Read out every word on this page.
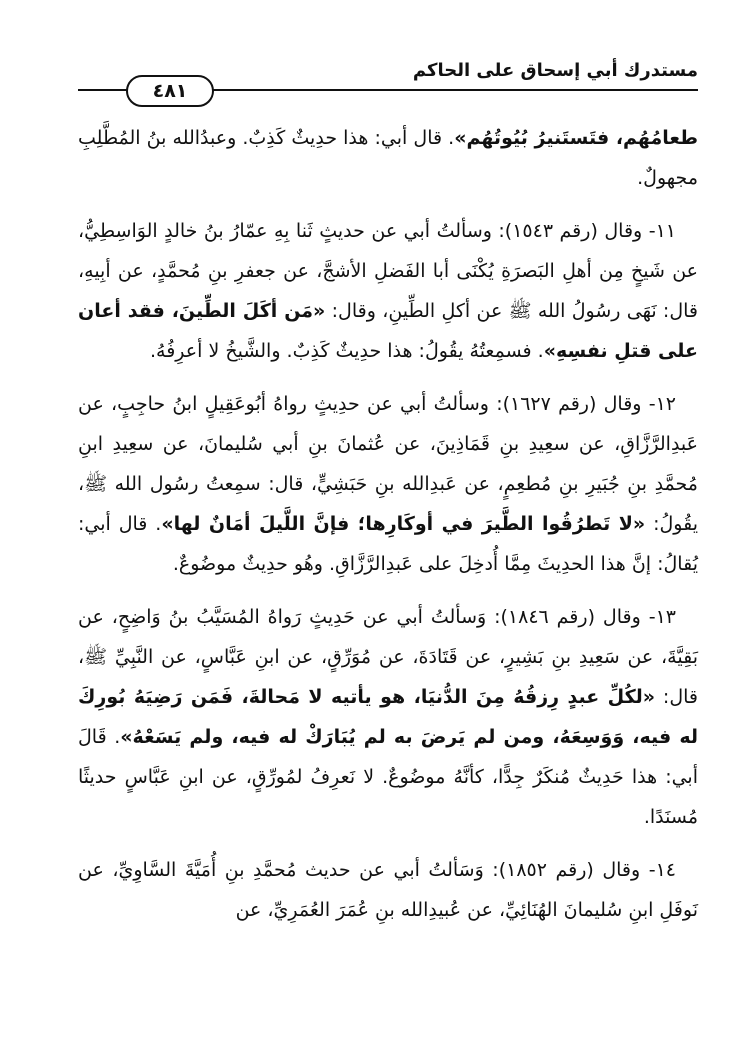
٤٨١
مستدرك أبي إسحاق على الحاكم

طعامُهُم، فتَستَنيرُ بُيُوتُهُم». قال أبي: هذا حدِيثٌ كَذِبٌ. وعبدُالله بنُ المُطَّلِبِ مجهولٌ.

١١- وقال (رقم ١٥٤٣): وسألتُ أبي عن حديثٍ ثَنا بِهِ عمّارُ بنُ خالدٍ الوَاسِطِيُّ، عن شَيخٍ مِن أهلِ البَصرَةِ يُكْنَى أبا الفَضلِ الأشجَّ، عن جعفرِ بنِ مُحمَّدٍ، عن أبِيهِ، قال: نَهَى رسُولُ الله ﷺ عن أكلِ الطِّينِ، وقال: «مَن أكَلَ الطِّينَ، فقد أعان على قتلِ نفسِهِ». فسمِعتُهُ يقُولُ: هذا حدِيثٌ كَذِبٌ. والشَّيخُ لا أعرِفُهُ.

١٢- وقال (رقم ١٦٢٧): وسألتُ أبي عن حدِيثٍ رواهُ أبُوعَقِيلٍ ابنُ حاجِبٍ، عن عَبدِالرَّزَّاقِ، عن سعِيدِ بنِ قَمَاذِينَ، عن عُثمانَ بنِ أبي سُليمانَ، عن سعِيدِ ابنِ مُحمَّدِ بنِ جُبَيرِ بنِ مُطعِمٍ، عن عَبدِالله بنِ حَبَشِيٍّ، قال: سمِعتُ رسُول الله ﷺ، يقُولُ: «لا تَطرُقُوا الطَّيرَ في أوكَارِها؛ فإنَّ اللَّيلَ أمَانٌ لها». قال أبي: يُقالُ: إنَّ هذا الحدِيثَ مِمَّا أُدخِلَ على عَبدِالرَّزَّاقِ. وهُو حدِيثٌ موضُوعٌ.

١٣- وقال (رقم ١٨٤٦): وَسألتُ أبي عن حَدِيثٍ رَواهُ المُسَيَّبُ بنُ وَاضِحٍ، عن بَقِيَّةَ، عن سَعِيدِ بنِ بَشِيرٍ، عن قَتَادَةَ، عن مُوَرِّقٍ، عن ابنِ عَبَّاسٍ، عن النَّبِيِّ ﷺ، قال: «لكُلِّ عبدٍ رِزقُهُ مِنَ الدُّنيَا، هو يأتيه لا مَحالةَ، فَمَن رَضِيَهُ بُورِكَ له فيه، وَوَسِعَهُ، ومن لم يَرضَ به لم يُبَارَكْ له فيه، ولم يَسَعْهُ». قَالَ أبي: هذا حَدِيثٌ مُنكَرٌ جِدًّا، كأنَّهُ موضُوعٌ. لا نَعرِفُ لمُورِّقٍ، عن ابنِ عَبَّاسٍ حديثًا مُسنَدًا.

١٤- وقال (رقم ١٨٥٢): وَسَألتُ أبي عن حديث مُحمَّدِ بنِ أُمَيَّةَ السَّاوِيِّ، عن نَوفَلِ ابنِ سُليمانَ الهُنَائِيِّ، عن عُبيدِالله بنِ عُمَرَ العُمَرِيِّ، عن
